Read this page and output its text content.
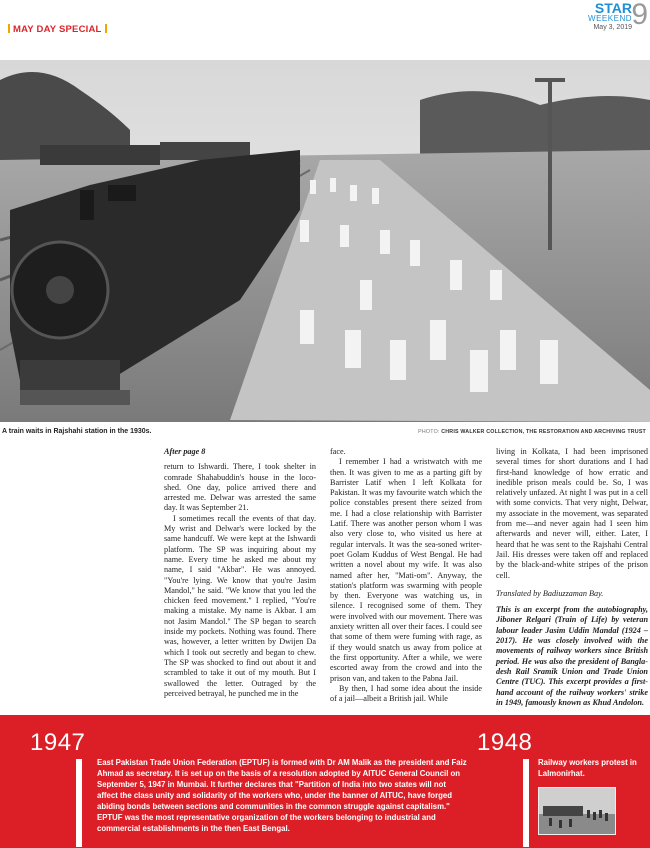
MAY DAY SPECIAL
STAR
WEEKEND
May 3, 2019 9
A train waits in Rajshahi station in the 1930s.	PHOTO: CHRIS WALKER COLLECTION, THE RESTORATION AND ARCHIVING TRUST

After page 8

return to Ishwardi. There, I took shelter in comrade Shahabuddin's house in the loco-shed. One day, police arrived there and arrested me. Delwar was arrested the same day. It was September 21.

I sometimes recall the events of that day. My wrist and Delwar's were locked by the same handcuff. We were kept at the Ishwardi platform. The SP was inquiring about my name. Every time he asked me about my name, I said "Akbar". He was annoyed. "You're lying. We know that you're Jasim Mandol," he said. "We know that you led the chicken feed movement." I replied, "You're making a mistake. My name is Akbar. I am not Jasim Mandol." The SP began to search inside my pockets. Nothing was found. There was, however, a letter written by Dwijen Da which I took out secretly and began to chew. The SP was shocked to find out about it and scrambled to take it out of my mouth. But I swallowed the letter. Outraged by the perceived betrayal, he punched me in the

face.

I remember I had a wristwatch with me then. It was given to me as a parting gift by Barrister Latif when I left Kolkata for Pakistan. It was my favourite watch which the police constables present there seized from me. I had a close relationship with Barrister Latif. There was another person whom I was also very close to, who visited us here at regular intervals. It was the sea-soned writer-poet Golam Kuddus of West Bengal. He had written a novel about my wife. It was also named after her, "Mati-om". Anyway, the station's platform was swarming with people by then. Everyone was watching us, in silence. I recognised some of them. They were involved with our movement. There was anxiety written all over their faces. I could see that some of them were fuming with rage, as if they would snatch us away from police at the first opportunity. After a while, we were escorted away from the crowd and into the prison van, and taken to the Pabna Jail.

By then, I had some idea about the inside of a jail—albeit a British jail. While

living in Kolkata, I had been imprisoned several times for short durations and I had first-hand knowledge of how erratic and inedible prison meals could be. So, I was relatively unfazed. At night I was put in a cell with some convicts. That very night, Delwar, my associate in the movement, was separated from me—and never again had I seen him afterwards and never will, either. Later, I heard that he was sent to the Rajshahi Central Jail. His dresses were taken off and replaced by the black-and-white stripes of the prison cell.

Translated by Badiuzzaman Bay.

This is an excerpt from the autobiography, Jiboner Relgari (Train of Life) by veteran labour leader Jasim Uddin Mandal (1924 – 2017). He was closely involved with the movements of railway workers since British period. He was also the president of Bangla-desh Rail Sramik Union and Trade Union Centre (TUC). This excerpt provides a first-hand account of the railway workers' strike in 1949, famously known as Khud Andolon.

1947
East Pakistan Trade Union Federation (EPTUF) is formed with Dr AM Malik as the president and Faiz Ahmad as secretary. It is set up on the basis of a resolution adopted by AITUC General Council on September 5, 1947 in Mumbai. It further declares that "Partition of India into two states will not affect the class unity and solidarity of the workers who, under the banner of AITUC, have forged abiding bonds between sections and communities in the common struggle against capitalism." EPTUF was the most representative organization of the workers belonging to industrial and commercial establishments in the then East Bengal.
1948
Railway workers protest in Lalmonirhat.
